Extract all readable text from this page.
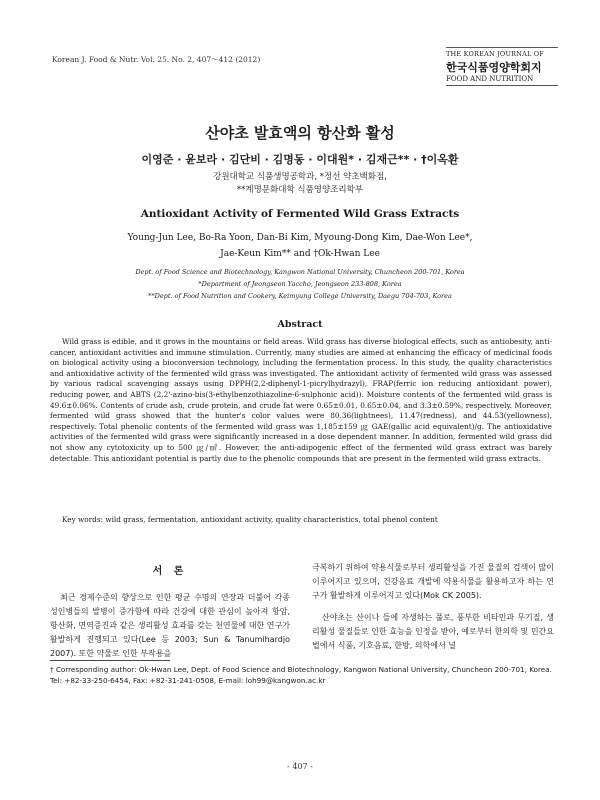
Korean J. Food & Nutr. Vol. 25. No. 2, 407～412 (2012)
THE KOREAN JOURNAL OF
한국식품영양학회지
FOOD AND NUTRITION
산야초 발효액의 항산화 활성
이영준 · 윤보라 · 김단비 · 김명동 · 이대원* · 김재근** · †이옥환
강원대학교 식품생명공학과, *정선 약초백화점,
**계명문화대학 식품영양조리학부
Antioxidant Activity of Fermented Wild Grass Extracts
Young-Jun Lee, Bo-Ra Yoon, Dan-Bi Kim, Myoung-Dong Kim, Dae-Won Lee*,
Jae-Keun Kim** and †Ok-Hwan Lee
Dept. of Food Science and Biotechnology, Kangwon National University, Chuncheon 200-701, Korea
*Department of Jeongseon Yaccho, Jeongseon 233-808, Korea
**Dept. of Food Nutrition and Cookery, Keimyung College University, Daegu 704-703, Korea
Abstract

Wild grass is edible, and it grows in the mountains or field areas. Wild grass has diverse biological effects, such as antiobesity, anti-cancer, antioxidant activities and immune stimulation. Currently, many studies are aimed at enhancing the efficacy of medicinal foods on biological activity using a bioconversion technology, including the fermentation process. In this study, the quality characteristics and antioxidative activity of the fermented wild grass was investigated. The antioxidant activity of fermented wild grass was assessed by various radical scavenging assays using DPPH(2,2-diphenyl-1-picrylhydrazyl), FRAP(ferric ion reducing antioxidant power), reducing power, and ABTS (2,2'-azino-bis(3-ethylbenzothiazoline-6-sulphonic acid)). Moisture contents of the fermented wild grass is 49.6±0.06%. Contents of crude ash, crude protein, and crude fat were 0.65±0.01, 0.65±0.04, and 3.3±0.59%, respectively. Moreover, fermented wild grass showed that the hunter's color values were 80.36(lightnees), 11.47(redness), and 44.53(yellowness), respectively. Total phenolic contents of the fermented wild grass was 1,185±159 ㎍ GAE(gallic acid equivalent)/g. The antioxidative activities of the fermented wild grass were significantly increased in a dose dependent manner. In addition, fermented wild grass did not show any cytotoxicity up to 500 ㎍/㎖. However, the anti-adipogenic effect of the fermented wild grass extract was barely detectable. This antioxidant potential is partly due to the phenolic compounds that are present in the fermented wild grass extracts.

Key words: wild grass, fermentation, antioxidant activity, quality characteristics, total phenol content
서 론

최근 경제수준의 향상으로 인한 평균 수명의 연장과 더불어 각종 성인병들의 발병이 증가함에 따라 건강에 대한 관심이 높아져 항암, 항산화, 면역증진과 같은 생리활성 효과를 갖는 천연물에 대한 연구가 활발하게 진행되고 있다(Lee 등 2003; Sun & Tanumihardjo 2007). 또한 약물로 인한 부작용을

극복하기 위하여 약용식물로부터 생리활성을 가진 물질의 검색이 많이 이루어지고 있으며, 건강음료 개발에 약용식물을 활용하고자 하는 연구가 활발하게 이루어지고 있다(Mok CK 2005).

산야초는 산이나 들에 자생하는 풀로, 풍부한 비타민과 무기질, 생리활성 물질들로 인한 효능을 인정을 받아, 예로부터 한의학 및 민간요법에서 식품, 기호음료, 한방, 의학에서 널

† Corresponding author: Ok-Hwan Lee, Dept. of Food Science and Biotechnology, Kangwon National University, Chuncheon 200-701, Korea. Tel: +82-33-250-6454, Fax: +82-31-241-0508, E-mail: loh99@kangwon.ac.kr
- 407 -
